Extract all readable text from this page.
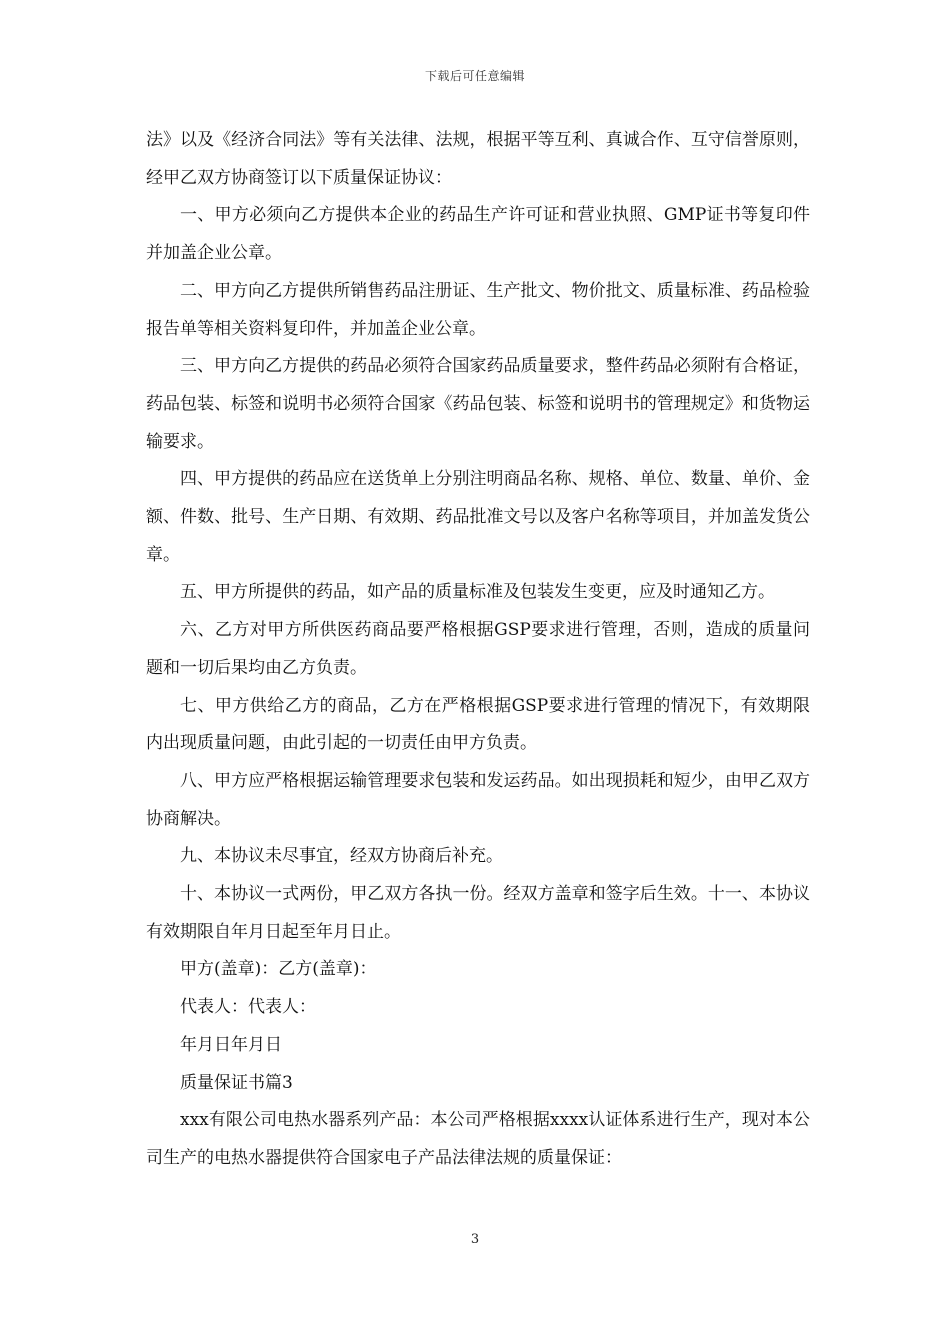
下载后可任意编辑

法》以及《经济合同法》等有关法律、法规，根据平等互利、真诚合作、互守信誉原则，经甲乙双方协商签订以下质量保证协议：

一、甲方必须向乙方提供本企业的药品生产许可证和营业执照、GMP证书等复印件并加盖企业公章。

二、甲方向乙方提供所销售药品注册证、生产批文、物价批文、质量标准、药品检验报告单等相关资料复印件，并加盖企业公章。

三、甲方向乙方提供的药品必须符合国家药品质量要求，整件药品必须附有合格证，药品包装、标签和说明书必须符合国家《药品包装、标签和说明书的管理规定》和货物运输要求。

四、甲方提供的药品应在送货单上分别注明商品名称、规格、单位、数量、单价、金额、件数、批号、生产日期、有效期、药品批准文号以及客户名称等项目，并加盖发货公章。

五、甲方所提供的药品，如产品的质量标准及包装发生变更，应及时通知乙方。

六、乙方对甲方所供医药商品要严格根据GSP要求进行管理，否则，造成的质量问题和一切后果均由乙方负责。

七、甲方供给乙方的商品，乙方在严格根据GSP要求进行管理的情况下，有效期限内出现质量问题，由此引起的一切责任由甲方负责。

八、甲方应严格根据运输管理要求包装和发运药品。如出现损耗和短少，由甲乙双方协商解决。

九、本协议未尽事宜，经双方协商后补充。

十、本协议一式两份，甲乙双方各执一份。经双方盖章和签字后生效。十一、本协议有效期限自年月日起至年月日止。

甲方(盖章)：乙方(盖章)：

代表人：代表人：

年月日年月日

质量保证书篇3

xxx有限公司电热水器系列产品：本公司严格根据xxxx认证体系进行生产，现对本公司生产的电热水器提供符合国家电子产品法律法规的质量保证：

3
